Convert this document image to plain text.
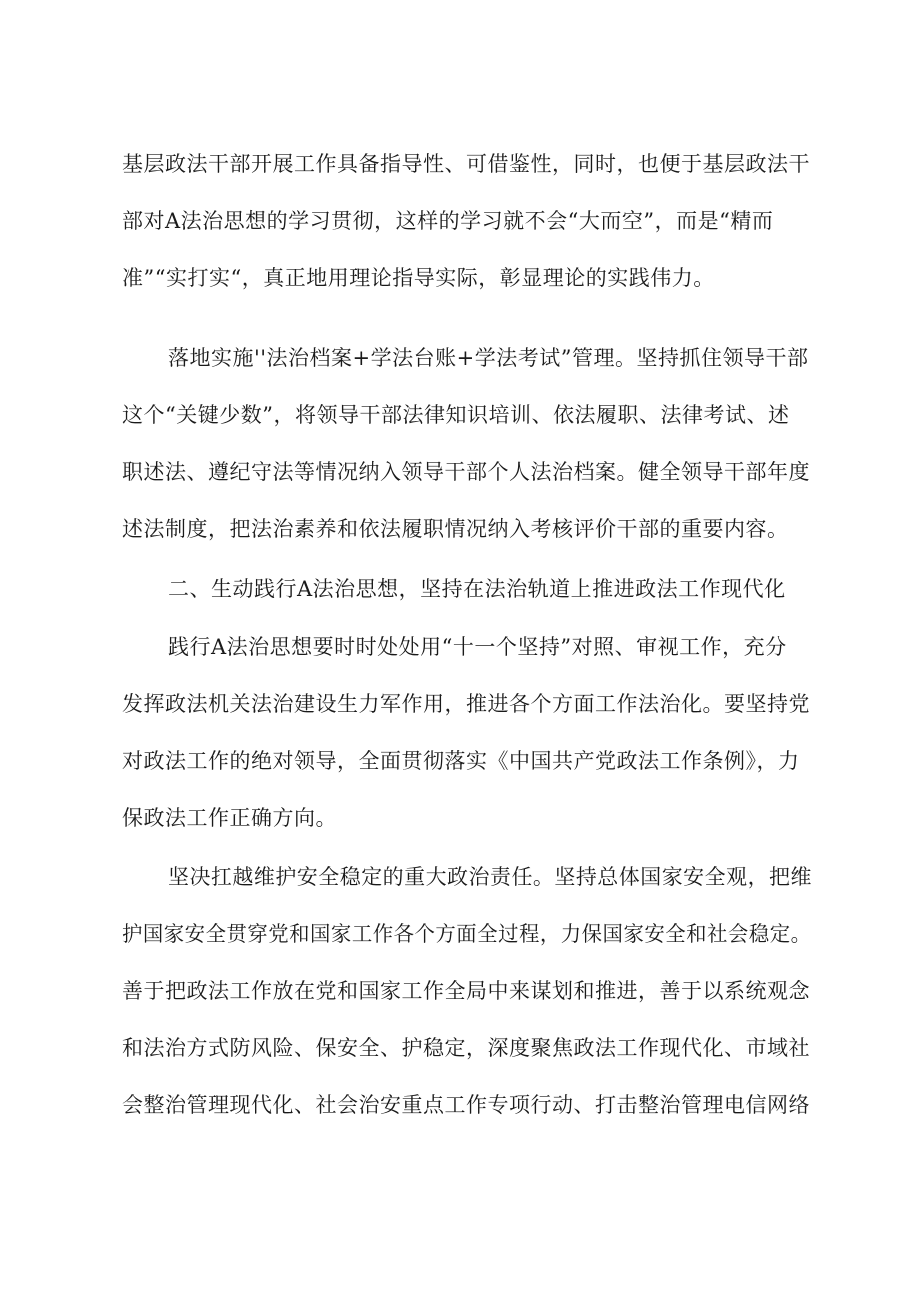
基层政法干部开展工作具备指导性、可借鉴性，同时，也便于基层政法干
部对A法治思想的学习贯彻，这样的学习就不会“大而空”，而是“精而
准”“实打实“，真正地用理论指导实际，彰显理论的实践伟力。
落地实施''法治档案+学法台账+学法考试”管理。坚持抓住领导干部
这个“关键少数”，将领导干部法律知识培训、依法履职、法律考试、述
职述法、遵纪守法等情况纳入领导干部个人法治档案。健全领导干部年度
述法制度，把法治素养和依法履职情况纳入考核评价干部的重要内容。
二、生动践行A法治思想，坚持在法治轨道上推进政法工作现代化
践行A法治思想要时时处处用“十一个坚持”对照、审视工作，充分
发挥政法机关法治建设生力军作用，推进各个方面工作法治化。要坚持党
对政法工作的绝对领导，全面贯彻落实《中国共产党政法工作条例》，力
保政法工作正确方向。
坚决扛越维护安全稳定的重大政治责任。坚持总体国家安全观，把维
护国家安全贯穿党和国家工作各个方面全过程，力保国家安全和社会稳定。
善于把政法工作放在党和国家工作全局中来谋划和推进，善于以系统观念
和法治方式防风险、保安全、护稳定，深度聚焦政法工作现代化、市域社
会整治管理现代化、社会治安重点工作专项行动、打击整治管理电信网络
